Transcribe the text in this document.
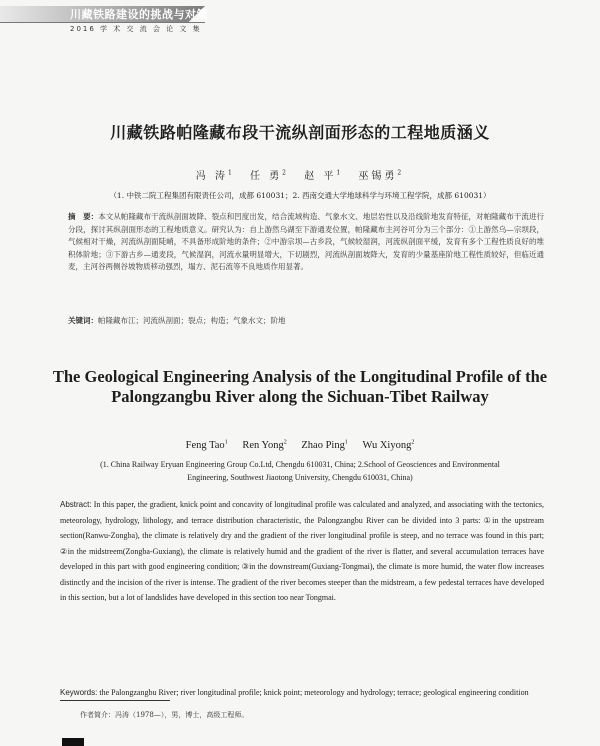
川藏铁路建设的挑战与对策
2016 学 术 交 流 会 论 文 集
川藏铁路帕隆藏布段干流纵剖面形态的工程地质涵义
冯 涛$^1$ 任 勇$^2$ 赵 平$^1$ 巫锡勇$^2$
（1. 中铁二院工程集团有限责任公司，成都 610031；2. 西南交通大学地球科学与环境工程学院，成都 610031）
摘　要：本文从帕隆藏布干流纵剖面坡降、裂点和凹度出发，结合流域构造、气象水文、地层岩性以及沿线阶地发育特征，对帕隆藏布干流进行分段，探讨其纵剖面形态的工程地质意义。研究认为：自上游然乌湖至下游通麦位置，帕隆藏布主河谷可分为三个部分：①上游然乌—宗坝段，气候相对干燥，河流纵剖面陡峭，不具备形成阶地的条件；②中游宗坝—古乡段，气候较湿润，河流纵剖面平缓，发育有多个工程性质良好的堆积体阶地；③下游古乡—通麦段，气候湿润，河流水量明显增大，下切剧烈，河流纵剖面坡降大，发育的少量基座阶地工程性质较好，但临近通麦，主河谷两侧谷坡物质移动强烈，塌方、泥石流等不良地质作用显著。
关键词：帕隆藏布江；河流纵剖面；裂点；构造；气象水文；阶地
The Geological Engineering Analysis of the Longitudinal Profile of the Palongzangbu River along the Sichuan-Tibet Railway
Feng Tao$^1$ Ren Yong$^2$ Zhao Ping$^1$ Wu Xiyong$^2$
(1. China Railway Eryuan Engineering Group Co.Ltd, Chengdu 610031, China; 2.School of Geosciences and Environmental Engineering, Southwest Jiaotong University, Chengdu 610031, China)
Abstract: In this paper, the gradient, knick point and concavity of longitudinal profile was calculated and analyzed, and associating with the tectonics, meteorology, hydrology, lithology, and terrace distribution characteristic, the Palongzangbu River can be divided into 3 parts: ①in the upstream section(Ranwu-Zongba), the climate is relatively dry and the gradient of the river longitudinal profile is steep, and no terrace was found in this part; ②in the midstreem(Zongba-Guxiang), the climate is relatively humid and the gradient of the river is flatter, and several accumulation terraces have developed in this part with good engineering condition; ③in the downstream(Guxiang-Tongmai), the climate is more humid, the water flow increases distinctly and the incision of the river is intense. The gradient of the river becomes steeper than the midstream, a few pedestal terraces have developed in this section, but a lot of landslides have developed in this section too near Tongmai.
Keywords: the Palongzangbu River; river longitudinal profile; knick point; meteorology and hydrology; terrace; geological engineering condition
作者简介：冯涛（1978—），男，博士，高级工程师。
